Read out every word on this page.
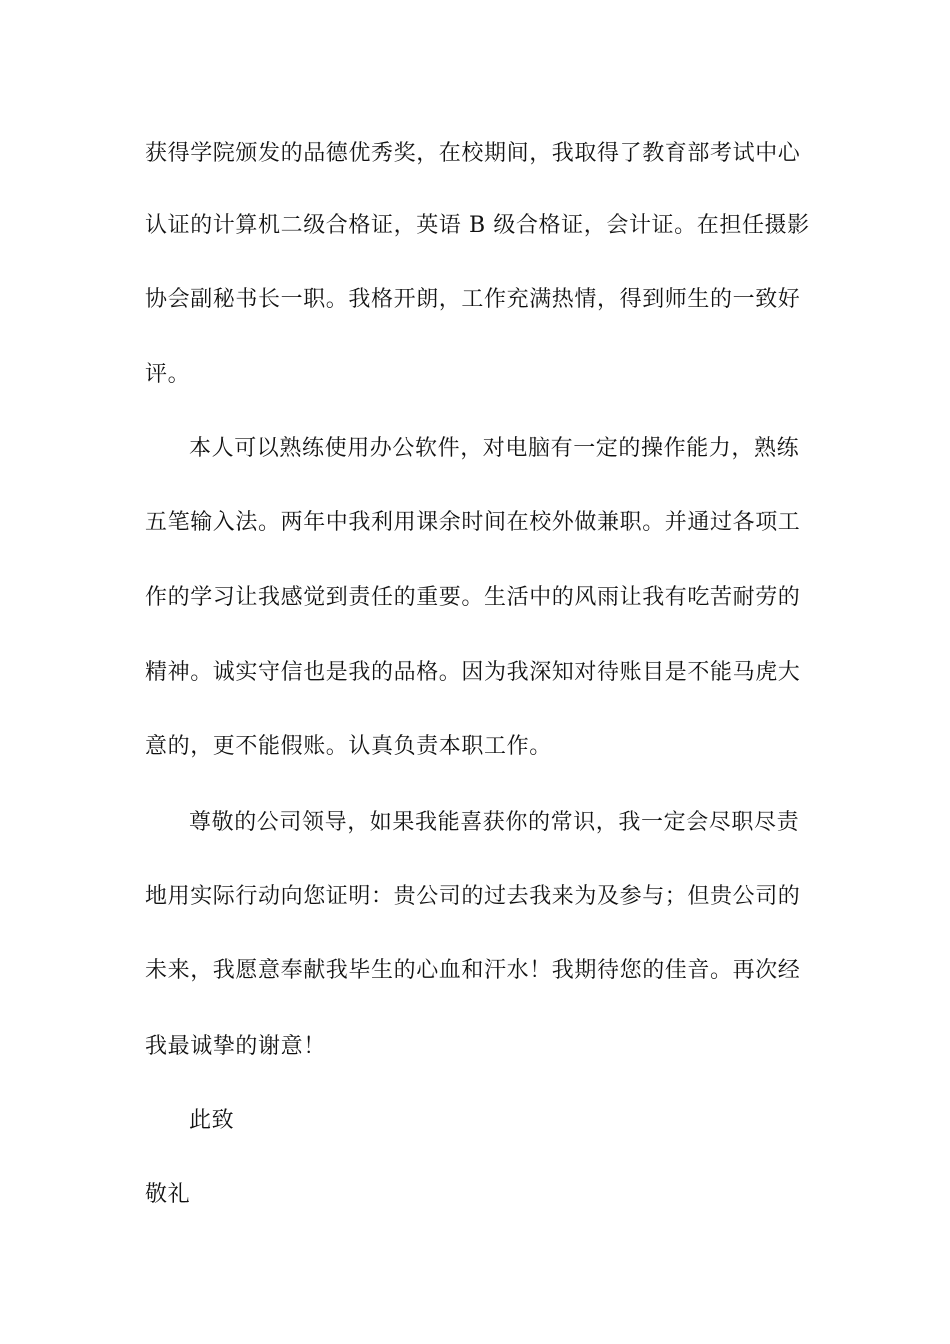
获得学院颁发的品德优秀奖，在校期间，我取得了教育部考试中心
认证的计算机二级合格证，英语 B 级合格证，会计证。在担任摄影
协会副秘书长一职。我格开朗，工作充满热情，得到师生的一致好
评。
本人可以熟练使用办公软件，对电脑有一定的操作能力，熟练
五笔输入法。两年中我利用课余时间在校外做兼职。并通过各项工
作的学习让我感觉到责任的重要。生活中的风雨让我有吃苦耐劳的
精神。诚实守信也是我的品格。因为我深知对待账目是不能马虎大
意的，更不能假账。认真负责本职工作。
尊敬的公司领导，如果我能喜获你的常识，我一定会尽职尽责
地用实际行动向您证明：贵公司的过去我来为及参与；但贵公司的
未来，我愿意奉献我毕生的心血和汗水！我期待您的佳音。再次经
我最诚挚的谢意！
此致
敬礼
